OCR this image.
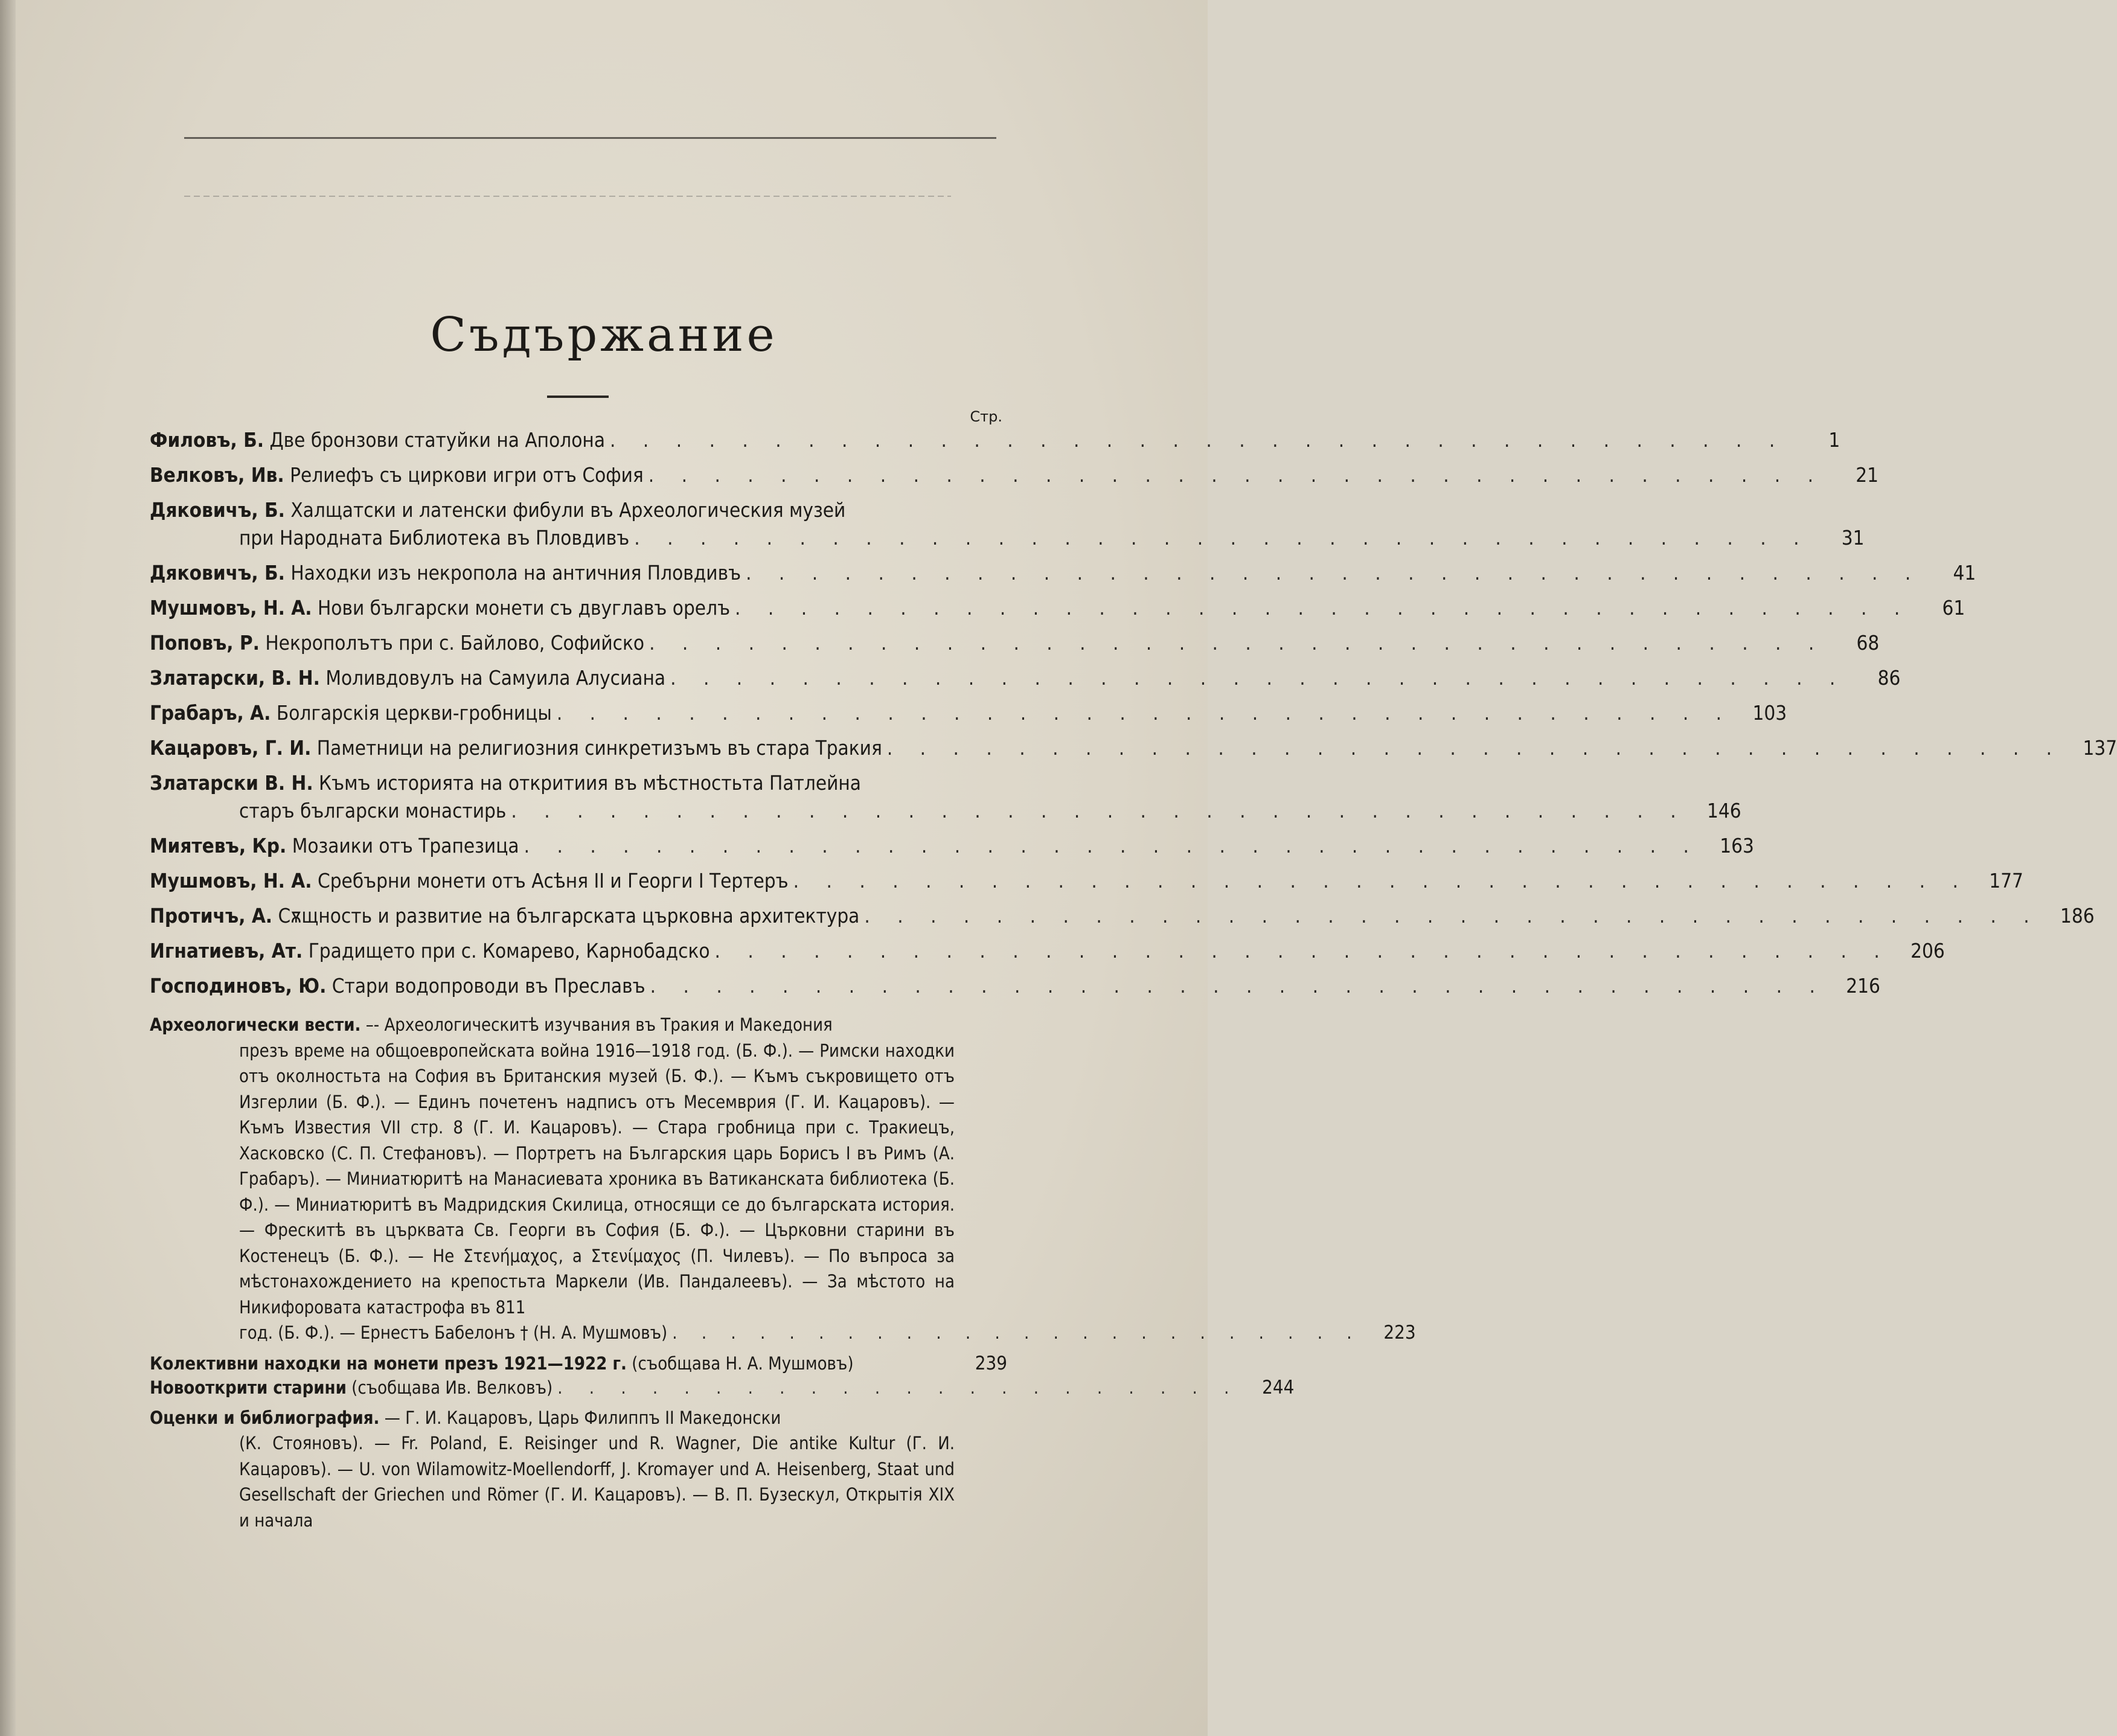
Съдържание
Стр.
Филовъ, Б. Две бронзови статуйки на Аполона . . . . . . . . . . . . . . . . . . . . . . . . . . . . . . . . . . . .	1
Велковъ, Ив. Релиефъ съ циркови игри отъ София . . . . . . . . . . . . . . . . . . . . . . . . . . . . . . . . . . . .	21
Дяковичъ, Б. Халщатски и латенски фибули въ Археологическия музей
при Народната Библиотека въ Пловдивъ . . . . . . . . . . . . . . . . . . . . . . . . . . . . . . . . . . . .	31
Дяковичъ, Б. Находки изъ некропола на античния Пловдивъ . . . . . . . . . . . . . . . . . . . . . . . . . . . . . . . . . . . .	41
Мушмовъ, Н. А. Нови български монети съ двуглавъ орелъ . . . . . . . . . . . . . . . . . . . . . . . . . . . . . . . . . . . .	61
Поповъ, Р. Некрополътъ при с. Байлово, Софийско . . . . . . . . . . . . . . . . . . . . . . . . . . . . . . . . . . . .	68
Златарски, В. Н. Моливдовулъ на Самуила Алусиана . . . . . . . . . . . . . . . . . . . . . . . . . . . . . . . . . . . .	86
Грабаръ, А. Болгарскія церкви-гробницы . . . . . . . . . . . . . . . . . . . . . . . . . . . . . . . . . . . .	103
Кацаровъ, Г. И. Паметници на религиозния синкретизъмъ въ стара Тракия . . . . . . . . . . . . . . . . . . . . . . . . . . . . . . . . . . . .	137
Златарски В. Н. Къмъ историята на откритиия въ мѣстностьта Патлейна
старъ български монастирь . . . . . . . . . . . . . . . . . . . . . . . . . . . . . . . . . . . .	146
Миятевъ, Кр. Мозаики отъ Трапезица . . . . . . . . . . . . . . . . . . . . . . . . . . . . . . . . . . . .	163
Мушмовъ, Н. А. Сребърни монети отъ Асѣня II и Георги I Тертеръ . . . . . . . . . . . . . . . . . . . . . . . . . . . . . . . . . . . .	177
Протичъ, А. Сѫщность и развитие на българската църковна архитектура . . . . . . . . . . . . . . . . . . . . . . . . . . . . . . . . . . . .	186
Игнатиевъ, Ат. Градището при с. Комарево, Карнобадско . . . . . . . . . . . . . . . . . . . . . . . . . . . . . . . . . . . .	206
Господиновъ, Ю. Стари водопроводи въ Преславъ . . . . . . . . . . . . . . . . . . . . . . . . . . . . . . . . . . . .	216
Археологически вести. –- Археологическитѣ изучвания въ Тракия и Македония
презъ време на общоевропейската война 1916—1918 год. (Б. Ф.). — Римски находки отъ околностьта на София въ Британския музей (Б. Ф.). — Къмъ съкровището отъ Изгерлии (Б. Ф.). — Единъ почетенъ надписъ отъ Месемврия (Г. И. Кацаровъ). — Къмъ Известия VII стр. 8 (Г. И. Кацаровъ). — Стара гробница при с. Тракиецъ, Хасковско (С. П. Стефановъ). — Портретъ на Българския царь Борисъ I въ Римъ (А. Грабаръ). — Миниатюритѣ на Манасиевата хроника въ Ватиканската библиотека (Б. Ф.). — Миниатюритѣ въ Мадридския Скилица, относящи се до българската история. — Фрескитѣ въ църквата Св. Георги въ София (Б. Ф.). — Църковни старини въ Костенецъ (Б. Ф.). — Не Στενήμαχος, а Στενίμαχος (П. Чилевъ). — По въпроса за мѣстонахождението на крепостьта Маркели (Ив. Пандалеевъ). — За мѣстото на Никифоровата катастрофа въ 811
год. (Б. Ф.). — Ернестъ Бабелонъ † (Н. А. Мушмовъ) . . . . . . . . . . . . . . . . . . . . . . . .	223
Колективни находки на монети презъ 1921—1922 г. (съобщава Н. А. Мушмовъ)	239
Новооткрити старини (съобщава Ив. Велковъ) . . . . . . . . . . . . . . . . . . . . . .	244
Оценки и библиография. — Г. И. Кацаровъ, Царь Филиппъ II Македонски
(К. Стояновъ). — Fr. Poland, E. Reisinger und R. Wagner, Die antike Kultur (Г. И. Кацаровъ). — U. von Wilamowitz-Moellendorff, J. Kromayer und A. Heisenberg, Staat und Gesellschaft der Griechen und Römer (Г. И. Кацаровъ). — В. П. Бузескул, Открытія XIX и начала
